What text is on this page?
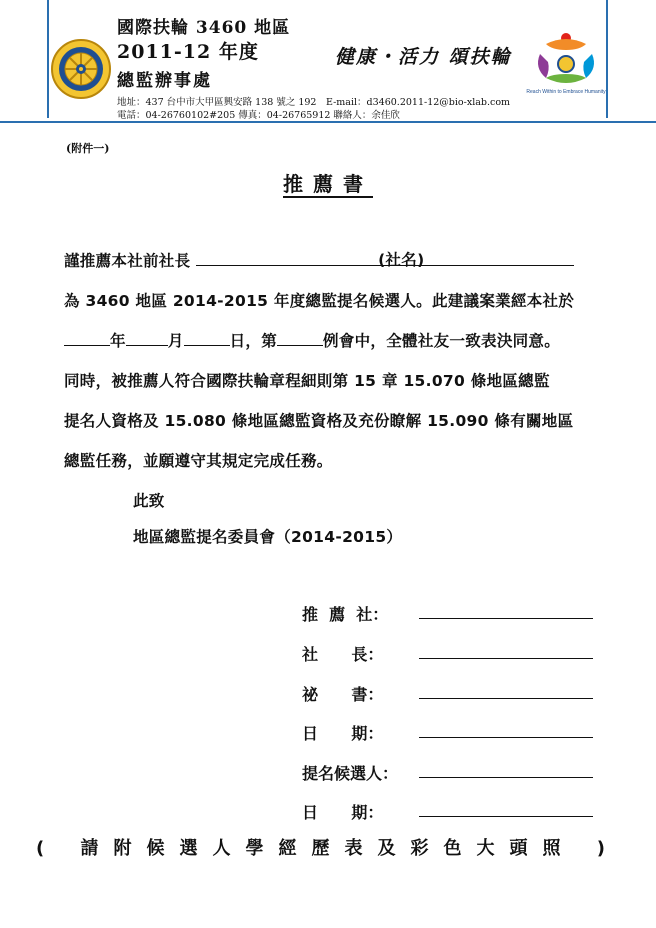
國際扶輪 3460 地區
2011-12 年度
總監辦事處
健康・活力 頌扶輪
地址：437 台中市大甲區興安路 138 號之 192　E-mail：d3460.2011-12@bio-xlab.com
電話：04-26760102#205 傳真：04-26765912 聯絡人：余佳欣
Reach Within to Embrace Humanity
(附件一)
推薦書
謹推薦本社前社長	(社名)
為 3460 地區 2014-2015 年度總監提名候選人。此建議案業經本社於
年	月	日，第	例會中，全體社友一致表決同意。
同時，被推薦人符合國際扶輪章程細則第 15 章 15.070 條地區總監
提名人資格及 15.080 條地區總監資格及充份瞭解 15.090 條有關地區
總監任務，並願遵守其規定完成任務。
此致
地區總監提名委員會（2014-2015）
推  薦  社：
社      長：
祕      書：
日      期：
提名候選人：
日      期：
( 請附候選人學經歷表及彩色大頭照 )
